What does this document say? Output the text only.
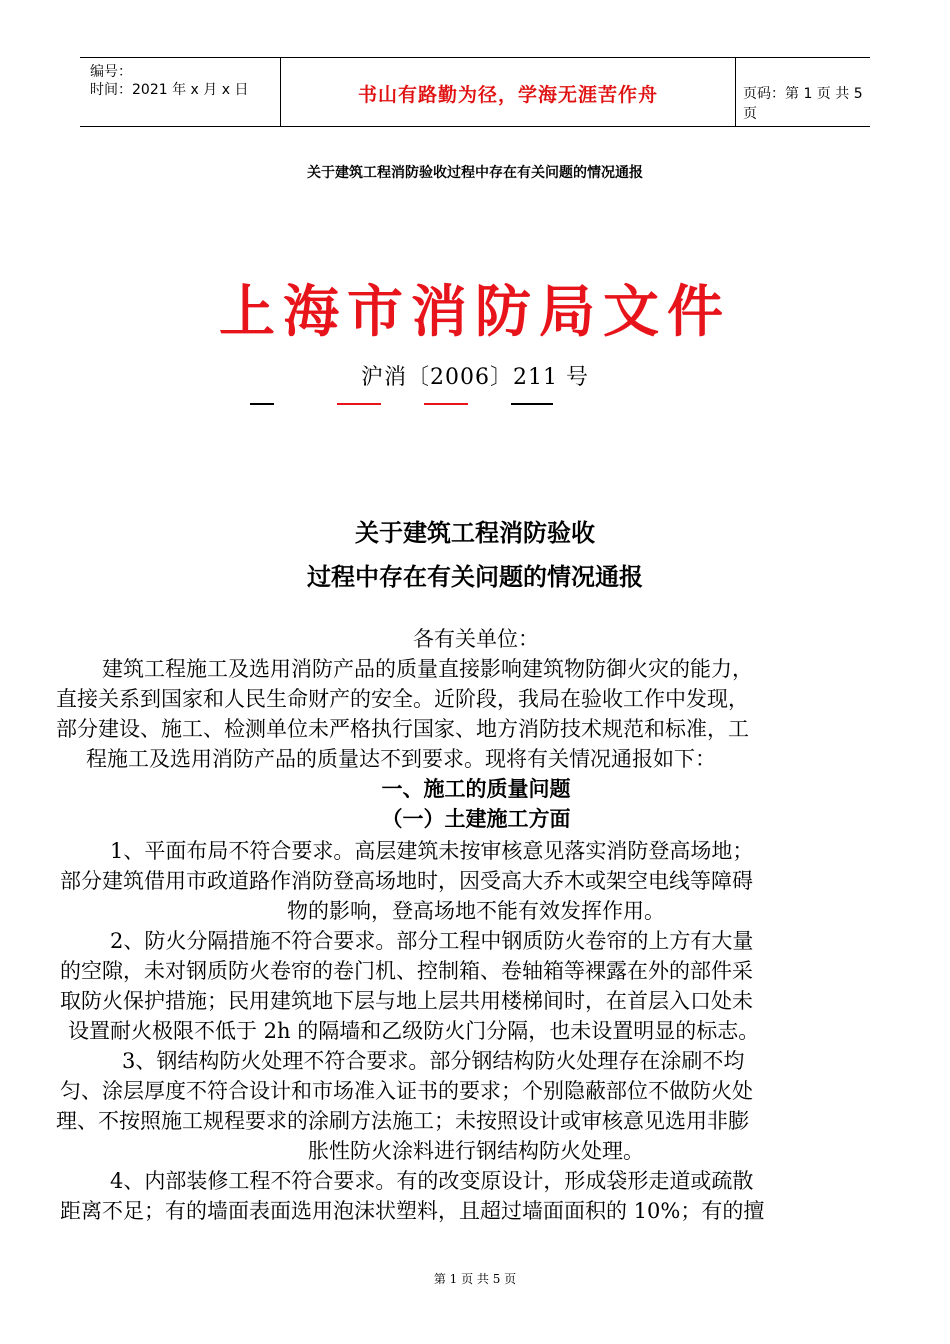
编号：
时间：2021 年 x 月 x 日	书山有路勤为径，学海无涯苦作舟	页码：第 1 页 共 5 页
关于建筑工程消防验收过程中存在有关问题的情况通报
上海市消防局文件
沪消〔2006〕211 号
关于建筑工程消防验收
过程中存在有关问题的情况通报
各有关单位：
建筑工程施工及选用消防产品的质量直接影响建筑物防御火灾的能力，
直接关系到国家和人民生命财产的安全。近阶段，我局在验收工作中发现，
部分建设、施工、检测单位未严格执行国家、地方消防技术规范和标准，工
程施工及选用消防产品的质量达不到要求。现将有关情况通报如下：
一、施工的质量问题
（一）土建施工方面
1、平面布局不符合要求。高层建筑未按审核意见落实消防登高场地；
部分建筑借用市政道路作消防登高场地时，因受高大乔木或架空电线等障碍
物的影响，登高场地不能有效发挥作用。
2、防火分隔措施不符合要求。部分工程中钢质防火卷帘的上方有大量
的空隙，未对钢质防火卷帘的卷门机、控制箱、卷轴箱等裸露在外的部件采
取防火保护措施；民用建筑地下层与地上层共用楼梯间时，在首层入口处未
设置耐火极限不低于 2h 的隔墙和乙级防火门分隔，也未设置明显的标志。
3、钢结构防火处理不符合要求。部分钢结构防火处理存在涂刷不均
匀、涂层厚度不符合设计和市场准入证书的要求；个别隐蔽部位不做防火处
理、不按照施工规程要求的涂刷方法施工；未按照设计或审核意见选用非膨
胀性防火涂料进行钢结构防火处理。
4、内部装修工程不符合要求。有的改变原设计，形成袋形走道或疏散
距离不足；有的墙面表面选用泡沫状塑料，且超过墙面面积的 10%；有的擅
第 1 页 共 5 页
